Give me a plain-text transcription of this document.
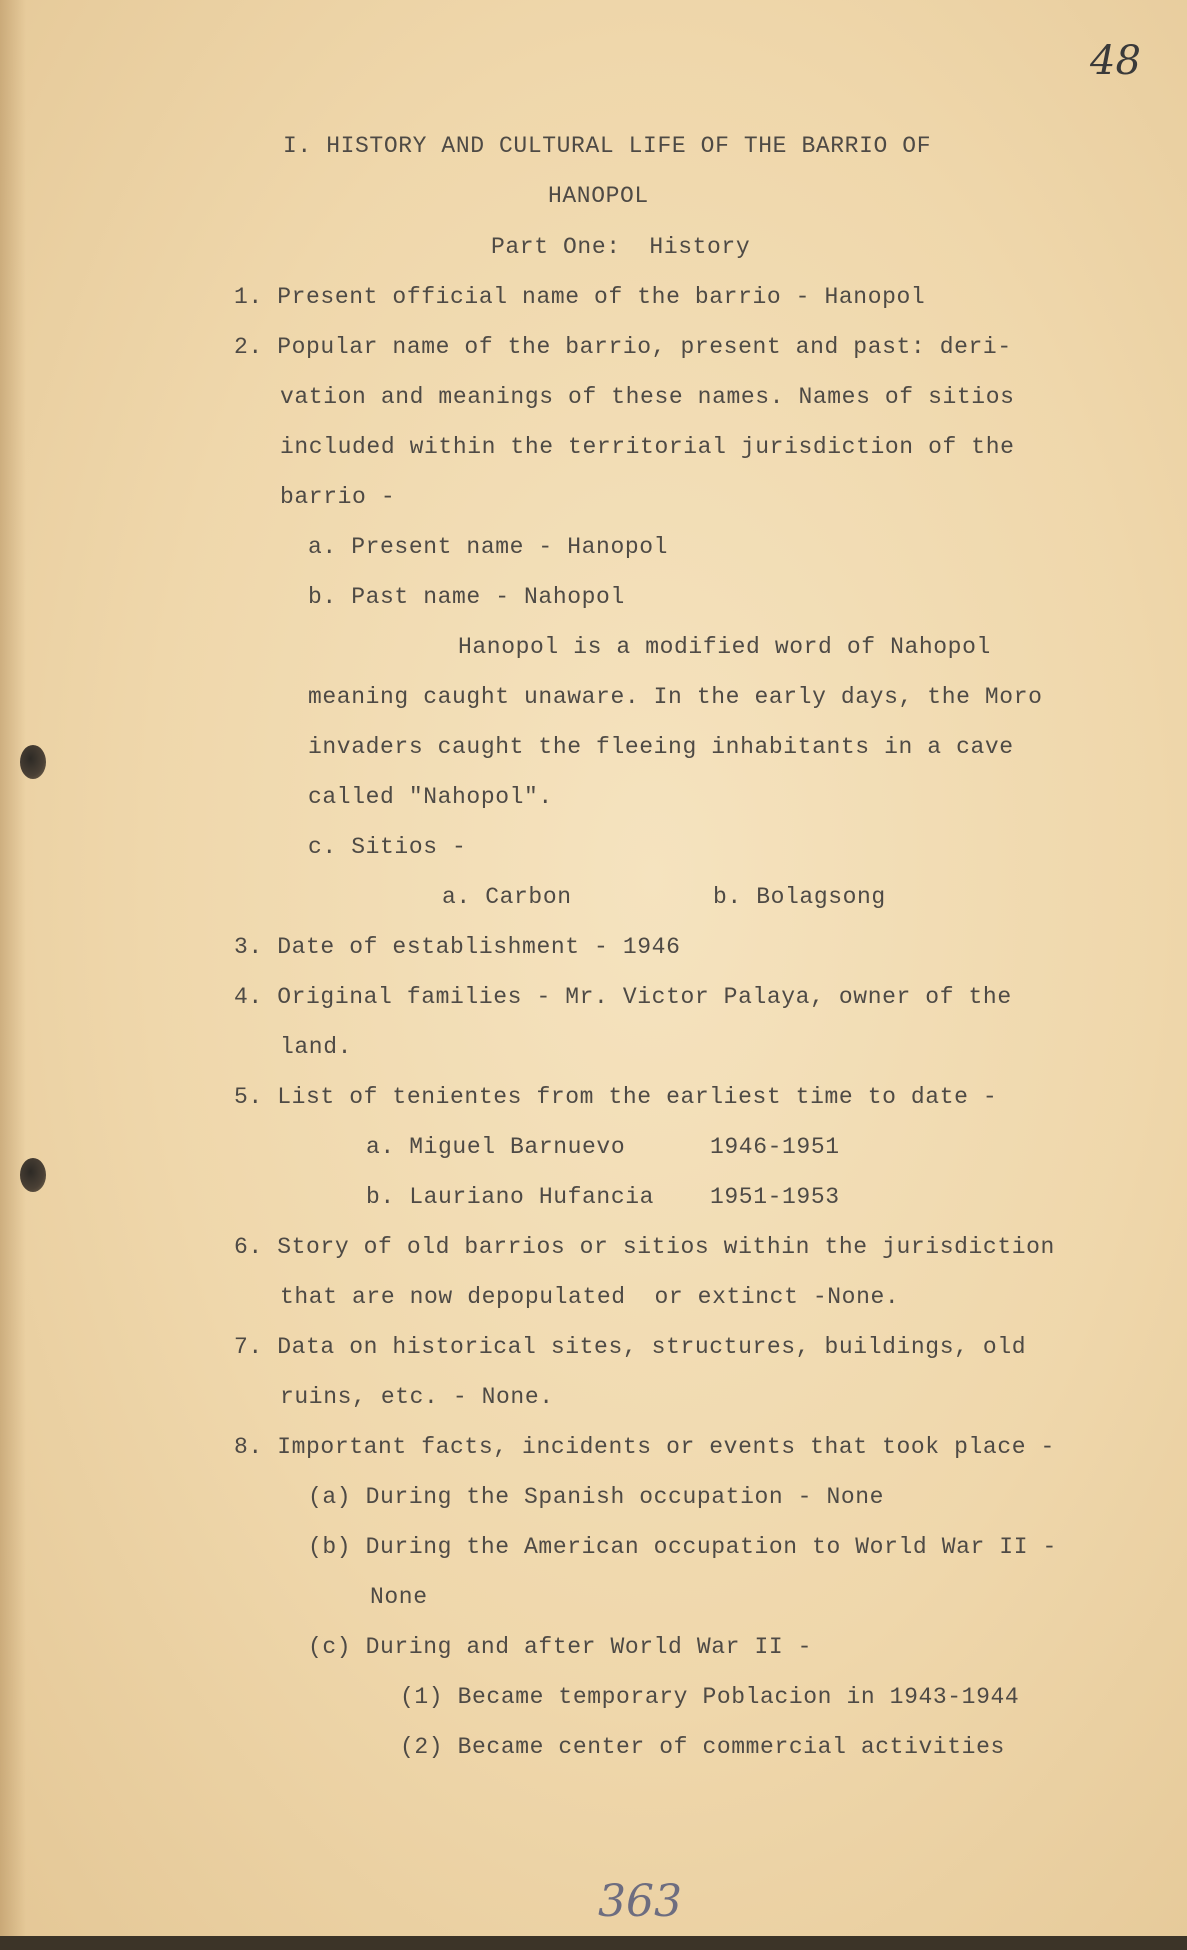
48
I. HISTORY AND CULTURAL LIFE OF THE BARRIO OF
HANOPOL
Part One:  History
1. Present official name of the barrio - Hanopol
2. Popular name of the barrio, present and past: deri-
vation and meanings of these names. Names of sitios
included within the territorial jurisdiction of the
barrio -
a. Present name - Hanopol
b. Past name - Nahopol
Hanopol is a modified word of Nahopol
meaning caught unaware. In the early days, the Moro
invaders caught the fleeing inhabitants in a cave
called "Nahopol".
c. Sitios -
a. Carbon	b. Bolagsong
3. Date of establishment - 1946
4. Original families - Mr. Victor Palaya, owner of the
land.
5. List of tenientes from the earliest time to date -
a. Miguel Barnuevo	1946-1951
b. Lauriano Hufancia 1951-1953
6. Story of old barrios or sitios within the jurisdiction
that are now depopulated  or extinct -None.
7. Data on historical sites, structures, buildings, old
ruins, etc. - None.
8. Important facts, incidents or events that took place -
(a) During the Spanish occupation - None
(b) During the American occupation to World War II -
None
(c) During and after World War II -
(1) Became temporary Poblacion in 1943-1944
(2) Became center of commercial activities
363
